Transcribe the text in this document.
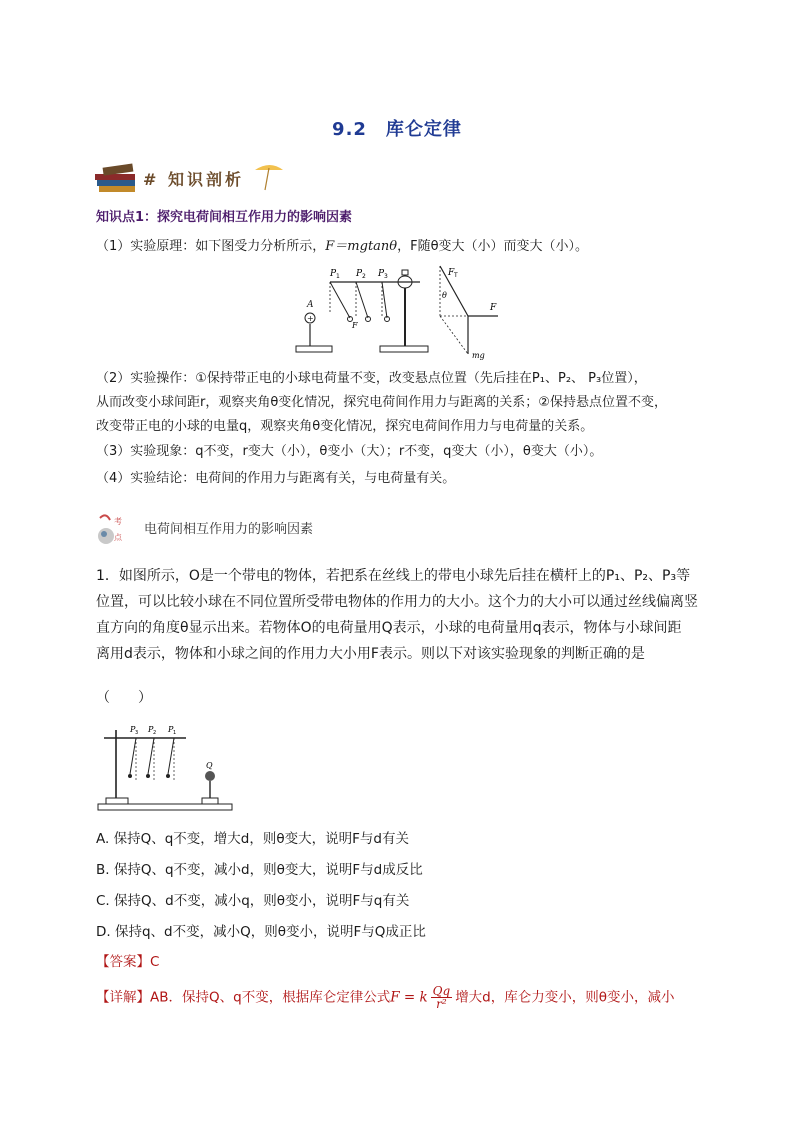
9.2　库仑定律
# 知识剖析
知识点1：探究电荷间相互作用力的影响因素
（1）实验原理：如下图受力分析所示，F＝mgtanθ，F随θ变大（小）而变大（小）。
+
A
P P P
1	2	3
F
F T
θ
F
mg
（2）实验操作：①保持带正电的小球电荷量不变，改变悬点位置（先后挂在P₁、P₂、 P₃位置），
从而改变小球间距r，观察夹角θ变化情况，探究电荷间作用力与距离的关系；②保持悬点位置不变，
改变带正电的小球的电量q，观察夹角θ变化情况，探究电荷间作用力与电荷量的关系。
（3）实验现象：q不变，r变大（小），θ变小（大）；r不变，q变大（小），θ变大（小）。
（4）实验结论：电荷间的作用力与距离有关，与电荷量有关。
考
点
电荷间相互作用力的影响因素
1．如图所示，O是一个带电的物体，若把系在丝线上的带电小球先后挂在横杆上的P₁、P₂、P₃等
位置，可以比较小球在不同位置所受带电物体的作用力的大小。这个力的大小可以通过丝线偏离竖
直方向的角度θ显示出来。若物体O的电荷量用Q表示，小球的电荷量用q表示，物体与小球间距
离用d表示，物体和小球之间的作用力大小用F表示。则以下对该实验现象的判断正确的是
（　　）
P P P
3	2	1
Q
A. 保持Q、q不变，增大d，则θ变大，说明F与d有关
B. 保持Q、q不变，减小d，则θ变大，说明F与d成反比
C. 保持Q、d不变，减小q，则θ变小，说明F与q有关
D. 保持q、d不变，减小Q，则θ变小，说明F与Q成正比
【答案】C
【详解】AB．保持Q、q不变，根据库仑定律公式F = k $\frac{Qq}{\text{r²}}$ 增大d，库仑力变小，则θ变小，减小
